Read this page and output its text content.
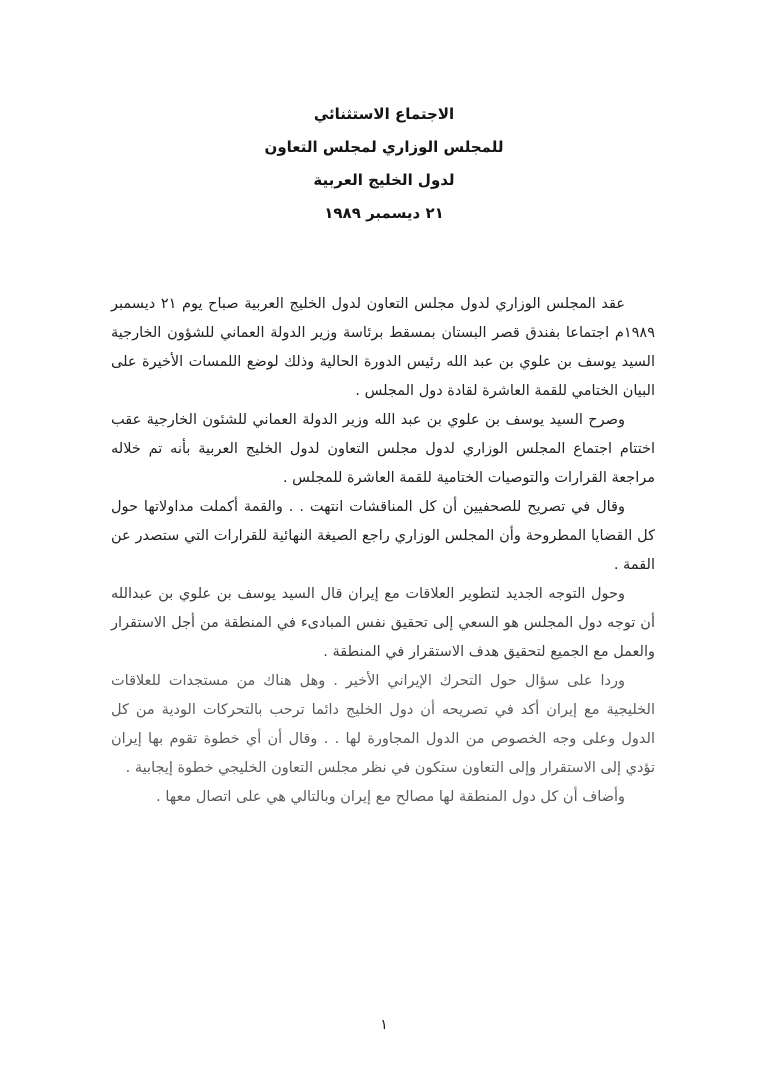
الاجتماع الاستثنائي
للمجلس الوزاري لمجلس التعاون
لدول الخليج العربية
٢١ ديسمبر ١٩٨٩

عقد المجلس الوزاري لدول مجلس التعاون لدول الخليج العربية صباح يوم ٢١ ديسمبر ١٩٨٩م اجتماعا بفندق قصر البستان بمسقط برئاسة وزير الدولة العماني للشؤون الخارجية السيد يوسف بن علوي بن عبد الله رئيس الدورة الحالية وذلك لوضع اللمسات الأخيرة على البيان الختامي للقمة العاشرة لقادة دول المجلس .

وصرح السيد يوسف بن علوي بن عبد الله وزير الدولة العماني للشئون الخارجية عقب اختتام اجتماع المجلس الوزاري لدول مجلس التعاون لدول الخليج العربية بأنه تم خلاله مراجعة القرارات والتوصيات الختامية للقمة العاشرة للمجلس .

وقال في تصريح للصحفيين أن كل المناقشات انتهت . . والقمة أكملت مداولاتها حول كل القضايا المطروحة وأن المجلس الوزاري راجع الصيغة النهائية للقرارات التي ستصدر عن القمة .

وحول التوجه الجديد لتطوير العلاقات مع إيران قال السيد يوسف بن علوي بن عبدالله أن توجه دول المجلس هو السعي إلى تحقيق نفس المبادىء في المنطقة من أجل الاستقرار والعمل مع الجميع لتحقيق هدف الاستقرار في المنطقة .

وردا على سؤال حول التحرك الإيراني الأخير . وهل هناك من مستجدات للعلاقات الخليجية مع إيران أكد في تصريحه أن دول الخليج دائما ترحب بالتحركات الودية من كل الدول وعلى وجه الخصوص من الدول المجاورة لها . . وقال أن أي خطوة تقوم بها إيران تؤدي إلى الاستقرار وإلى التعاون ستكون في نظر مجلس التعاون الخليجي خطوة إيجابية .

وأضاف أن كل دول المنطقة لها مصالح مع إيران وبالتالي هي على اتصال معها .

١
